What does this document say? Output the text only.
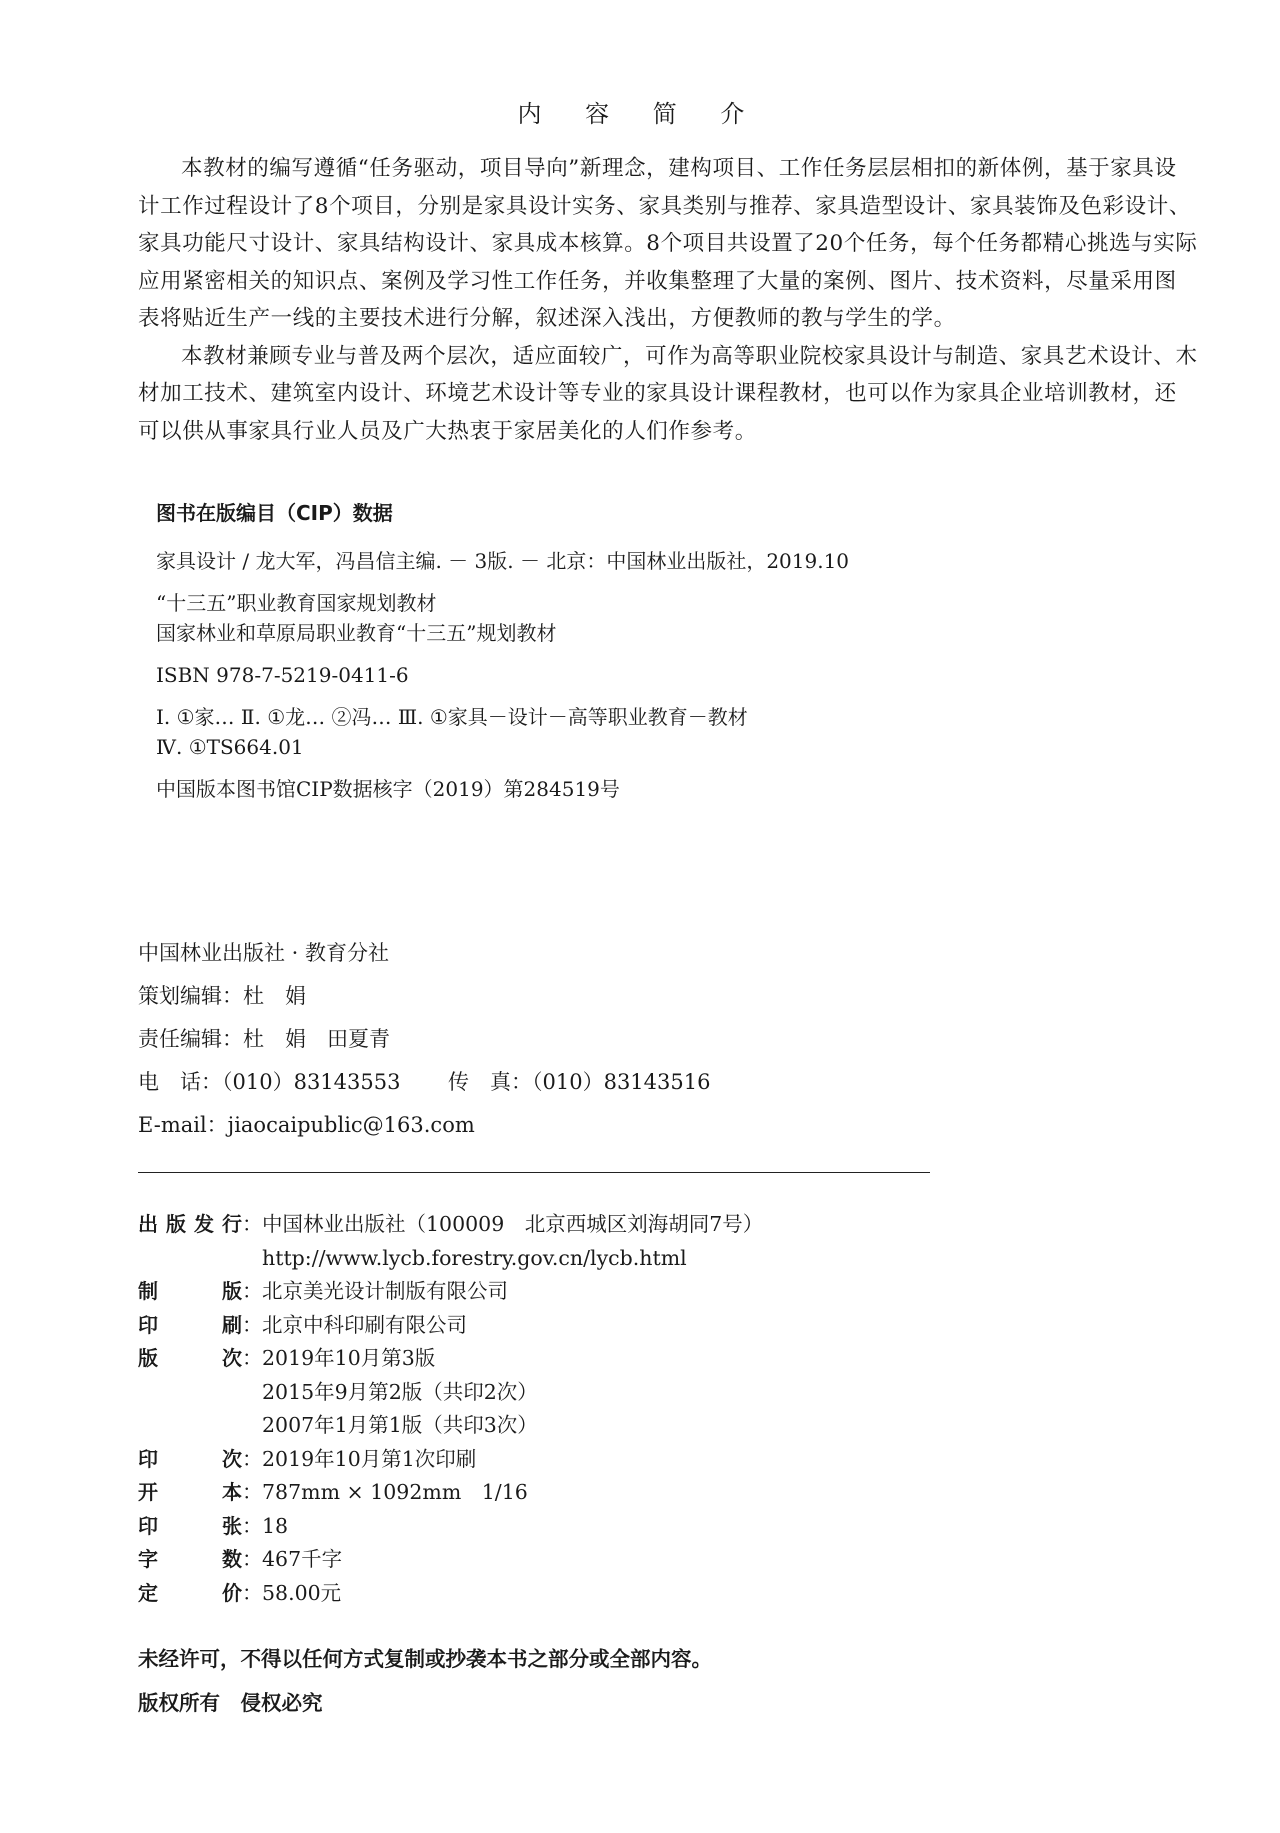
内 容 简 介

本教材的编写遵循“任务驱动，项目导向”新理念，建构项目、工作任务层层相扣的新体例，基于家具设计工作过程设计了8个项目，分别是家具设计实务、家具类别与推荐、家具造型设计、家具装饰及色彩设计、家具功能尺寸设计、家具结构设计、家具成本核算。8个项目共设置了20个任务，每个任务都精心挑选与实际应用紧密相关的知识点、案例及学习性工作任务，并收集整理了大量的案例、图片、技术资料，尽量采用图表将贴近生产一线的主要技术进行分解，叙述深入浅出，方便教师的教与学生的学。

本教材兼顾专业与普及两个层次，适应面较广，可作为高等职业院校家具设计与制造、家具艺术设计、木材加工技术、建筑室内设计、环境艺术设计等专业的家具设计课程教材，也可以作为家具企业培训教材，还可以供从事家具行业人员及广大热衷于家居美化的人们作参考。

图书在版编目（CIP）数据
家具设计 / 龙大军，冯昌信主编. － 3版. － 北京：中国林业出版社，2019.10
“十三五”职业教育国家规划教材
国家林业和草原局职业教育“十三五”规划教材
ISBN 978-7-5219-0411-6
Ⅰ. ①家… Ⅱ. ①龙… ②冯… Ⅲ. ①家具－设计－高等职业教育－教材
Ⅳ. ①TS664.01
中国版本图书馆CIP数据核字（2019）第284519号
中国林业出版社 · 教育分社
策划编辑：杜　娟
责任编辑：杜　娟　田夏青
电　话：（010）83143553 传　真：（010）83143516
E-mail：jiaocaipublic@163.com
出 版 发 行 ： 中国林业出版社（100009　北京西城区刘海胡同7号）
http://www.lycb.forestry.gov.cn/lycb.html
制	版 ： 北京美光设计制版有限公司
印	刷 ： 北京中科印刷有限公司
版	次 ： 2019年10月第3版
2015年9月第2版（共印2次）
2007年1月第1版（共印3次）
印	次 ： 2019年10月第1次印刷
开	本 ： 787mm × 1092mm　1/16
印	张 ： 18
字	数 ： 467千字
定	价 ： 58.00元
未经许可，不得以任何方式复制或抄袭本书之部分或全部内容。
版权所有　侵权必究
